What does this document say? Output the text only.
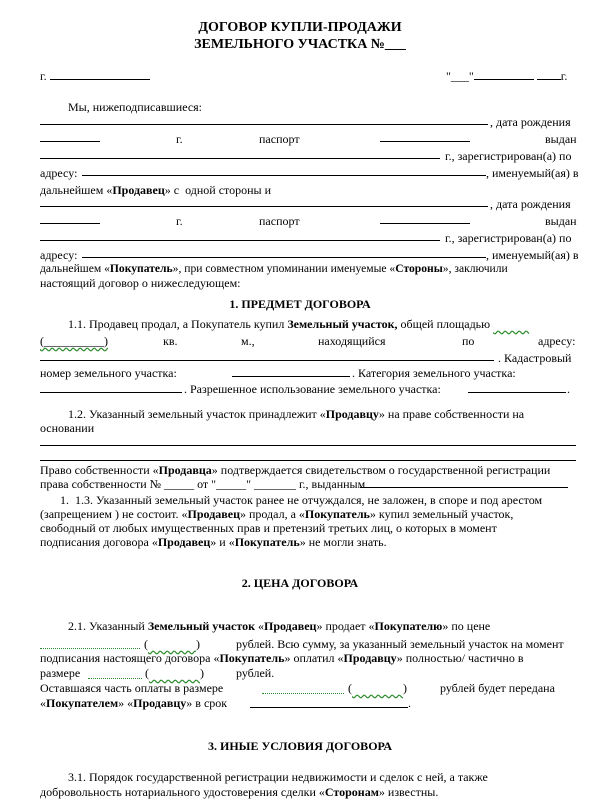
ДОГОВОР КУПЛИ-ПРОДАЖИ
ЗЕМЕЛЬНОГО УЧАСТКА №___
г.	"___"	г.
Мы, нижеподписавшиеся:
, дата рождения
г.	паспорт	выдан
г., зарегистрирован(а) по
адресу:	, именуемый(ая) в
дальнейшем «Продавец» с  одной стороны и
, дата рождения
г.	паспорт	выдан
г., зарегистрирован(а) по
адресу:	, именуемый(ая) в
дальнейшем «Покупатель», при совместном упоминании именуемые «Стороны», заключили
настоящий договор о нижеследующем:
1. ПРЕДМЕТ ДОГОВОРА
1.1. Продавец продал, а Покупатель купил Земельный участок, общей площадью
(__________)	кв.	м.,	находящийся	по	адресу:
. Кадастровый
номер земельного участка:	. Категория земельного участка:
. Разрешенное использование земельного участка:	.
1.2. Указанный земельный участок принадлежит «Продавцу» на праве собственности на
основании
Право собственности «Продавца» подтверждается свидетельством о государственной регистрации
права собственности № _____ от "_____" _______ г., выданным
1.  1.3. Указанный земельный участок ранее не отчуждался, не заложен, в споре и под арестом
(запрещением ) не состоит. «Продавец» продал, а «Покупатель» купил земельный участок,
свободный от любых имущественных прав и претензий третьих лиц, о которых в момент
подписания договора «Продавец» и «Покупатель» не могли знать.
2. ЦЕНА ДОГОВОРА
2.1. Указанный Земельный участок «Продавец» продает «Покупателю» по цене
(	)	рублей. Всю сумму, за указанный земельный участок на момент
подписания настоящего договора «Покупатель» оплатил «Продавцу» полностью/ частично в
размере	(	)	рублей.
Оставшаяся часть оплаты в размере	(	)	рублей будет передана
«Покупателем» «Продавцу» в срок	.
3. ИНЫЕ УСЛОВИЯ ДОГОВОРА
3.1. Порядок государственной регистрации недвижимости и сделок с ней, а также
добровольность нотариального удостоверения сделки «Сторонам» известны.
